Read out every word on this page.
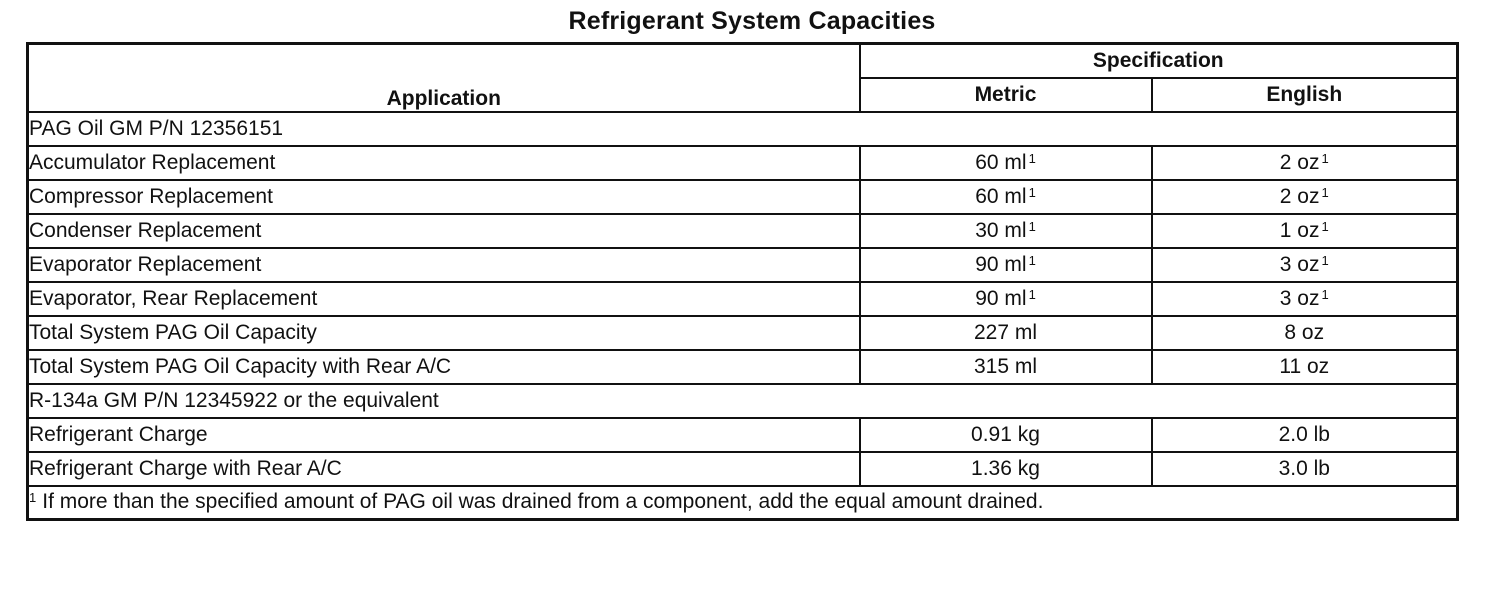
Refrigerant System Capacities
Application	Specification	
	Metric	English
PAG Oil GM P/N 12356151		
Accumulator Replacement	60 ml $^1$	2 oz $^1$
Compressor Replacement	60 ml $^1$	2 oz $^1$
Condenser Replacement	30 ml $^1$	1 oz $^1$
Evaporator Replacement	90 ml $^1$	3 oz $^1$
Evaporator, Rear Replacement	90 ml $^1$	3 oz $^1$
Total System PAG Oil Capacity	227 ml	8 oz
Total System PAG Oil Capacity with Rear A/C	315 ml	11 oz
R-134a GM P/N 12345922 or the equivalent		
Refrigerant Charge	0.91 kg	2.0 lb
Refrigerant Charge with Rear A/C	1.36 kg	3.0 lb
$^1$ If more than the specified amount of PAG oil was drained from a component, add the equal amount drained.		
